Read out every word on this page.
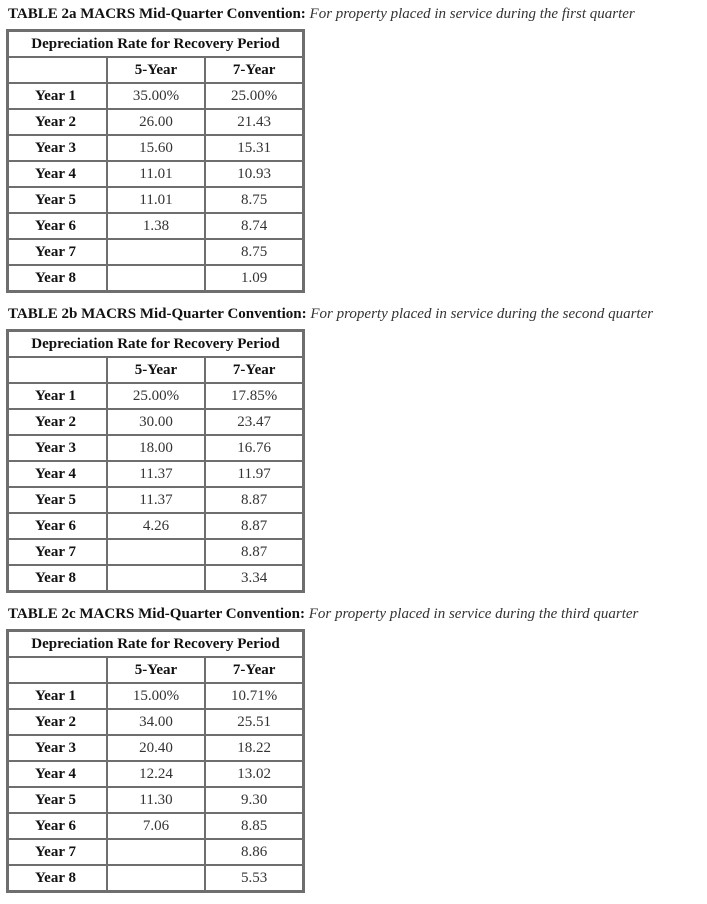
TABLE 2a MACRS Mid-Quarter Convention: For property placed in service during the first quarter
Depreciation Rate for Recovery Period		
	5-Year	7-Year
Year 1	35.00%	25.00%
Year 2	26.00	21.43
Year 3	15.60	15.31
Year 4	11.01	10.93
Year 5	11.01	8.75
Year 6	1.38	8.74
Year 7		8.75
Year 8		1.09
TABLE 2b MACRS Mid-Quarter Convention: For property placed in service during the second quarter
Depreciation Rate for Recovery Period		
	5-Year	7-Year
Year 1	25.00%	17.85%
Year 2	30.00	23.47
Year 3	18.00	16.76
Year 4	11.37	11.97
Year 5	11.37	8.87
Year 6	4.26	8.87
Year 7		8.87
Year 8		3.34
TABLE 2c MACRS Mid-Quarter Convention: For property placed in service during the third quarter
Depreciation Rate for Recovery Period		
	5-Year	7-Year
Year 1	15.00%	10.71%
Year 2	34.00	25.51
Year 3	20.40	18.22
Year 4	12.24	13.02
Year 5	11.30	9.30
Year 6	7.06	8.85
Year 7		8.86
Year 8		5.53
